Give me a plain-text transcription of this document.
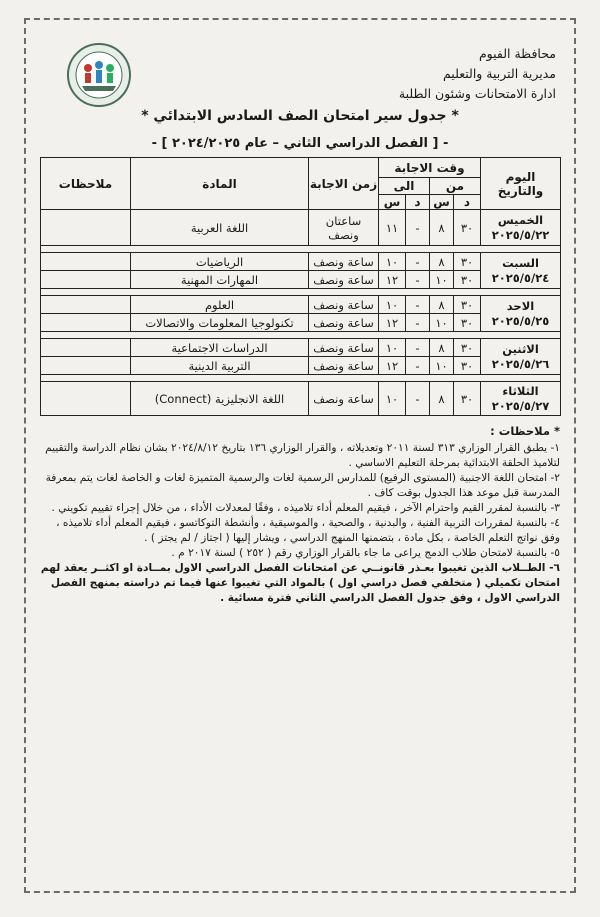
محافظة الفيوم
مديرية التربية والتعليم
ادارة الامتحانات وشئون الطلبة
* جدول سير امتحان الصف السادس الابتدائي *
- [ الفصل الدراسي الثاني – عام ٢٠٢٤/٢٠٢٥ ] -
اليوم والتاريخ	وقت الاجابة				زمن الاجابة	المادة	ملاحظات
	من		الى				
	د	س	د	س			

الخميس
٢٠٢٥/٥/٢٢	٣٠	٨	-	١١	ساعتان ونصف	اللغة العربية	

السبت
٢٠٢٥/٥/٢٤	٣٠	٨	-	١٠	ساعة ونصف	الرياضيات	
	٣٠	١٠	-	١٢	ساعة ونصف	المهارات المهنية	

الاحد
٢٠٢٥/٥/٢٥	٣٠	٨	-	١٠	ساعة ونصف	العلوم	
	٣٠	١٠	-	١٢	ساعة ونصف	تكنولوجيا المعلومات والاتصالات	

الاثنين
٢٠٢٥/٥/٢٦	٣٠	٨	-	١٠	ساعة ونصف	الدراسات الاجتماعية	
	٣٠	١٠	-	١٢	ساعة ونصف	التربية الدينية	

الثلاثاء
٢٠٢٥/٥/٢٧	٣٠	٨	-	١٠	ساعة ونصف	اللغة الانجليزية (Connect)	
* ملاحظات :

١- يطبق القرار الوزاري ٣١٣ لسنة ٢٠١١ وتعديلاته ، والقرار الوزاري ١٣٦ بتاريخ ٢٠٢٤/٨/١٢ بشان نظام الدراسة والتقييم لتلاميذ الحلقة الابتدائية بمرحلة التعليم الاساسي .

٢- امتحان اللغة الاجنبية (المستوى الرفيع) للمدارس الرسمية لغات والرسمية المتميزة لغات و الخاصة لغات يتم بمعرفة المدرسة قبل موعد هذا الجدول بوقت كاف .

٣- بالنسبة لمقرر القيم واحترام الآخر ، فيقيم المعلم أداء تلاميذه ، وفقًا لمعدلات الأداء ، من خلال إجراء تقييم تكويني .

٤- بالنسبة لمقررات التربية الفنية ، والبدنية ، والصحية ، والموسيقية ، وأنشطة التوكاتسو ، فيقيم المعلم أداء تلاميذه ، وفق نواتج التعلم الخاصة ، بكل مادة ، بتضمنها المنهج الدراسي ، ويشار إليها ( اجتاز / لم يجتز ) .

٥- بالنسبة لامتحان طلاب الدمج يراعى ما جاء بالقرار الوزاري رقم ( ٢٥٢ ) لسنة ٢٠١٧ م .

٦- الطــلاب الذين تغيبوا بعـذر قانونــي عن امتحانات الفصل الدراسي الاول بمــادة او اكثــر يعقد لهم امتحان تكميلي ( متخلفي فصل دراسي اول ) بالمواد التي تغيبوا عنها فيما تم دراسته بمنهج الفصل الدراسي الاول ، وفق جدول الفصل الدراسي الثاني فترة مسائية .
